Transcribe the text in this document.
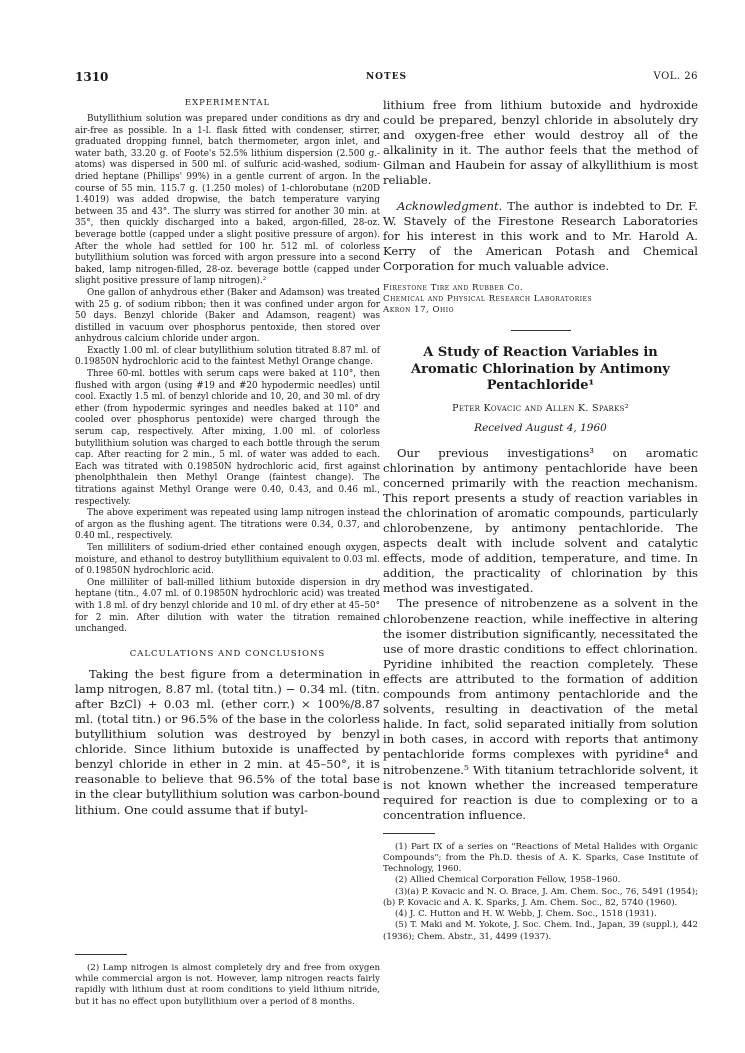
1310	NOTES	VOL. 26
EXPERIMENTAL

Butyllithium solution was prepared under conditions as dry and air-free as possible. In a 1-l. flask fitted with condenser, stirrer, graduated dropping funnel, batch thermometer, argon inlet, and water bath, 33.20 g. of Foote's 52.5% lithium dispersion (2.500 g.-atoms) was dispersed in 500 ml. of sulfuric acid-washed, sodium-dried heptane (Phillips' 99%) in a gentle current of argon. In the course of 55 min. 115.7 g. (1.250 moles) of 1-chlorobutane (n20D 1.4019) was added dropwise, the batch temperature varying between 35 and 43°. The slurry was stirred for another 30 min. at 35°, then quickly discharged into a baked, argon-filled, 28-oz. beverage bottle (capped under a slight positive pressure of argon). After the whole had settled for 100 hr. 512 ml. of colorless butyllithium solution was forced with argon pressure into a second baked, lamp nitrogen-filled, 28-oz. beverage bottle (capped under slight positive pressure of lamp nitrogen).²

One gallon of anhydrous ether (Baker and Adamson) was treated with 25 g. of sodium ribbon; then it was confined under argon for 50 days. Benzyl chloride (Baker and Adamson, reagent) was distilled in vacuum over phosphorus pentoxide, then stored over anhydrous calcium chloride under argon.

Exactly 1.00 ml. of clear butyllithium solution titrated 8.87 ml. of 0.19850N hydrochloric acid to the faintest Methyl Orange change.

Three 60-ml. bottles with serum caps were baked at 110°, then flushed with argon (using #19 and #20 hypodermic needles) until cool. Exactly 1.5 ml. of benzyl chloride and 10, 20, and 30 ml. of dry ether (from hypodermic syringes and needles baked at 110° and cooled over phosphorus pentoxide) were charged through the serum cap, respectively. After mixing, 1.00 ml. of colorless butyllithium solution was charged to each bottle through the serum cap. After reacting for 2 min., 5 ml. of water was added to each. Each was titrated with 0.19850N hydrochloric acid, first against phenolphthalein then Methyl Orange (faintest change). The titrations against Methyl Orange were 0.40, 0.43, and 0.46 ml., respectively.

The above experiment was repeated using lamp nitrogen instead of argon as the flushing agent. The titrations were 0.34, 0.37, and 0.40 ml., respectively.

Ten milliliters of sodium-dried ether contained enough oxygen, moisture, and ethanol to destroy butyllithium equivalent to 0.03 ml. of 0.19850N hydrochloric acid.

One milliliter of ball-milled lithium butoxide dispersion in dry heptane (titn., 4.07 ml. of 0.19850N hydrochloric acid) was treated with 1.8 ml. of dry benzyl chloride and 10 ml. of dry ether at 45–50° for 2 min. After dilution with water the titration remained unchanged.

CALCULATIONS AND CONCLUSIONS

Taking the best figure from a determination in lamp nitrogen, 8.87 ml. (total titn.) − 0.34 ml. (titn. after BzCl) + 0.03 ml. (ether corr.) × 100%/8.87 ml. (total titn.) or 96.5% of the base in the colorless butyllithium solution was destroyed by benzyl chloride. Since lithium butoxide is unaffected by benzyl chloride in ether in 2 min. at 45–50°, it is reasonable to believe that 96.5% of the total base in the clear butyllithium solution was carbon-bound lithium. One could assume that if butyl-

(2) Lamp nitrogen is almost completely dry and free from oxygen while commercial argon is not. However, lamp nitrogen reacts fairly rapidly with lithium dust at room conditions to yield lithium nitride, but it has no effect upon butyllithium over a period of 8 months.

lithium free from lithium butoxide and hydroxide could be prepared, benzyl chloride in absolutely dry and oxygen-free ether would destroy all of the alkalinity in it. The author feels that the method of Gilman and Haubein for assay of alkyllithium is most reliable.

Acknowledgment. The author is indebted to Dr. F. W. Stavely of the Firestone Research Laboratories for his interest in this work and to Mr. Harold A. Kerry of the American Potash and Chemical Corporation for much valuable advice.

Firestone Tire and Rubber Co.
Chemical and Physical Research Laboratories
Akron 17, Ohio
A Study of Reaction Variables in Aromatic Chlorination by Antimony Pentachloride¹
Peter Kovacic and Allen K. Sparks²
Received August 4, 1960

Our previous investigations³ on aromatic chlorination by antimony pentachloride have been concerned primarily with the reaction mechanism. This report presents a study of reaction variables in the chlorination of aromatic compounds, particularly chlorobenzene, by antimony pentachloride. The aspects dealt with include solvent and catalytic effects, mode of addition, temperature, and time. In addition, the practicality of chlorination by this method was investigated.

The presence of nitrobenzene as a solvent in the chlorobenzene reaction, while ineffective in altering the isomer distribution significantly, necessitated the use of more drastic conditions to effect chlorination. Pyridine inhibited the reaction completely. These effects are attributed to the formation of addition compounds from antimony pentachloride and the solvents, resulting in deactivation of the metal halide. In fact, solid separated initially from solution in both cases, in accord with reports that antimony pentachloride forms complexes with pyridine⁴ and nitrobenzene.⁵ With titanium tetrachloride solvent, it is not known whether the increased temperature required for reaction is due to complexing or to a concentration influence.

(1) Part IX of a series on "Reactions of Metal Halides with Organic Compounds"; from the Ph.D. thesis of A. K. Sparks, Case Institute of Technology, 1960.

(2) Allied Chemical Corporation Fellow, 1958–1960.

(3)(a) P. Kovacic and N. O. Brace, J. Am. Chem. Soc., 76, 5491 (1954); (b) P. Kovacic and A. K. Sparks, J. Am. Chem. Soc., 82, 5740 (1960).

(4) J. C. Hutton and H. W. Webb, J. Chem. Soc., 1518 (1931).

(5) T. Maki and M. Yokote, J. Soc. Chem. Ind., Japan, 39 (suppl.), 442 (1936); Chem. Abstr., 31, 4499 (1937).
